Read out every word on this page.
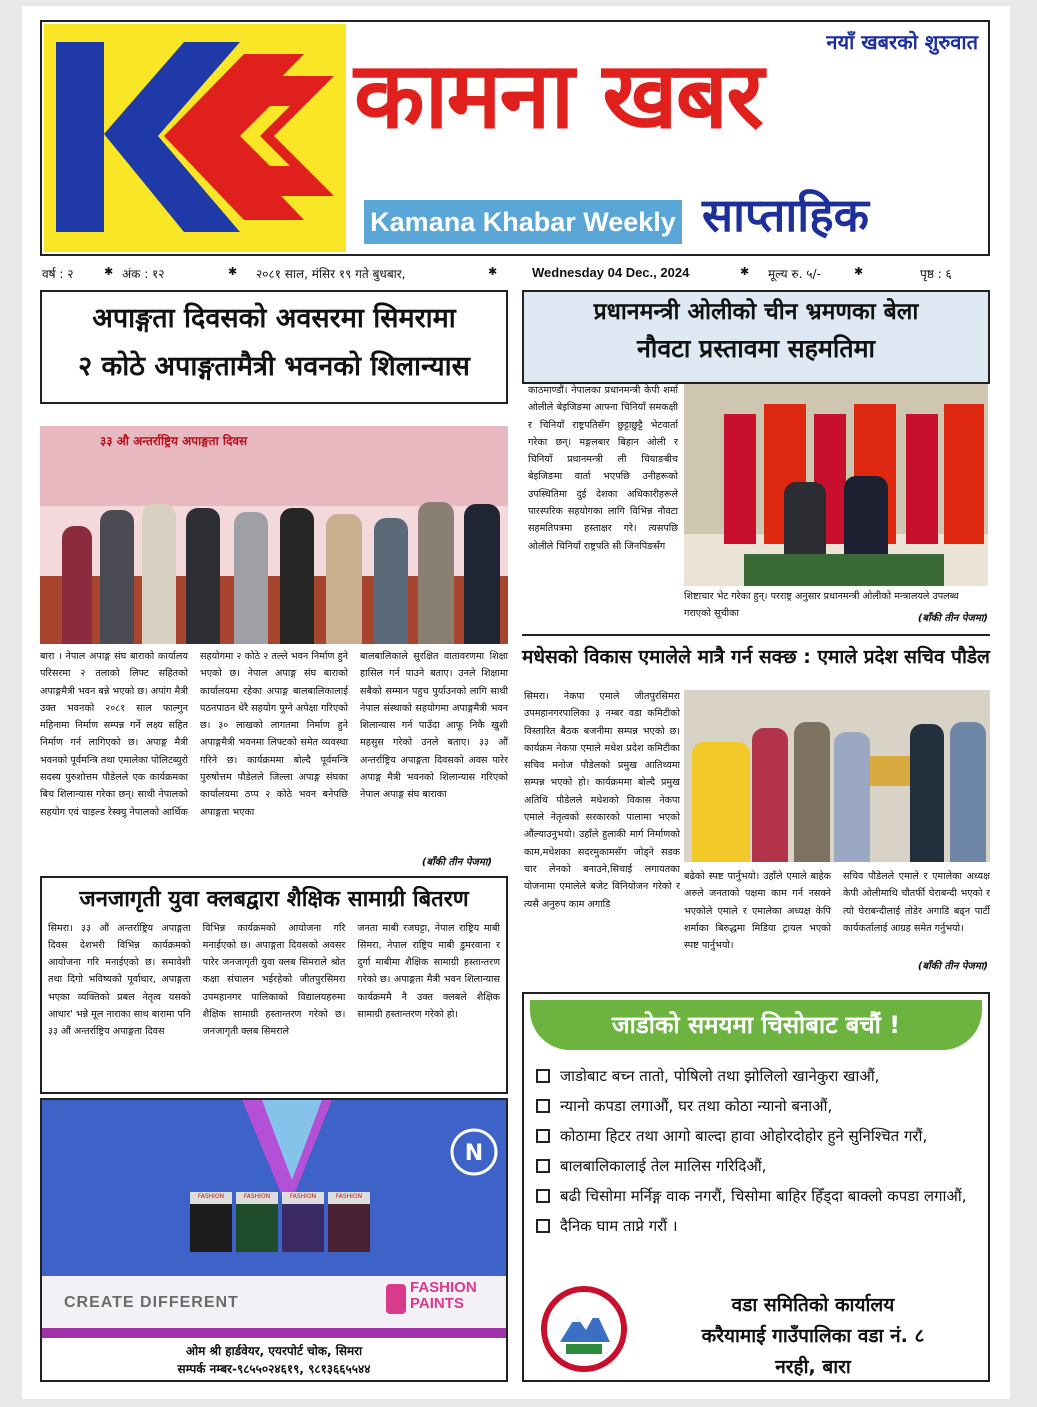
नयाँ खबरको शुरुवात
कामना खबर
Kamana Khabar Weekly साप्ताहिक
वर्ष : २	✱ अंक : १२	✱ २०८१ साल, मंसिर १९ गते बुधबार,	✱	Wednesday 04 Dec., 2024	✱ मूल्य रु. ५/-	✱	पृष्ठ : ६
अपाङ्गता दिवसको अवसरमा सिमरामा
२ कोठे अपाङ्गतामैत्री भवनको शिलान्यास
३३ औ अन्तर्राष्ट्रिय अपाङ्गता दिवस

बारा । नेपाल अपाङ्ग संघ बाराको कार्यालय परिसरमा २ तलाको लिफ्ट सहितको अपाङ्गमैत्री भवन बन्ने भएको छ। अपांग मैत्री उक्त भवनको २०८१ साल फाल्गुन महिनामा निर्माण सम्पन्न गर्ने लक्ष्य सहित निर्माण गर्न लागिएको छ। अपाङ्ग मैत्री भवनको पूर्वमन्त्रि तथा एमालेका पोलिटब्युरो सदस्य पुरुशोत्तम पौडेलले एक कार्यक्रमका बिच शिलान्यास गरेका छन्। साथी नेपालको सहयोग एवं चाइल्ड रेस्क्यु नेपालको आर्थिक

सहयोगमा २ कोठे २ तल्ले भवन निर्माण हुने भएको छ। नेपाल अपाङ्ग संघ बाराको कार्यालयमा रहेका अपाङ्ग बालबालिकालाई पठनपाठन धेरै सहयोग पुग्ने अपेक्षा गरिएको छ। ३० लाखको लागतमा निर्माण हुने अपाङ्गमैत्री भवनमा लिफ्टको समेत व्यवस्था गरिने छ। कार्यक्रममा बोल्दै पूर्वमन्त्रि पुरुषोत्तम पौडेलले जिल्ला अपाङ्ग संघका कार्यालयमा ठप्प २ कोठे भवन बनेपछि अपाङ्गता भएका

बालबालिकाले सुरक्षित वातावरणमा शिक्षा हासिल गर्न पाउने बताए। उनले शिक्षामा सबैको सम्मान पहुच पुर्याउनको लागि साथी नेपाल संस्थाको सहयोगमा अपाङ्गमैत्री भवन शिलान्यास गर्न पाउँदा आफू निकै खुशी महसुस गरेको उनले बताए। ३३ औं अन्तर्राष्ट्रिय अपाङ्गता दिवसको अवस पारेर अपाङ्ग मैत्री भवनको शिलान्यास गरिएको नेपाल अपाङ्ग संघ बाराका

(बाँकी तीन पेजमा)
प्रधानमन्त्री ओलीको चीन भ्रमणका बेला
नौवटा प्रस्तावमा सहमतिमा

काठमाण्डौं। नेपालका प्रधानमन्त्री केपी शर्मा ओलीले बेइजिङमा आफ्ना चिनियाँ समकक्षी र चिनियाँ राष्ट्रपतिसँग छुट्टाछुट्टै भेटवार्ता गरेका छन्। मङ्गलबार बिहान ओली र चिनियाँ प्रधानमन्त्री ली चियाङबीच बेइजिङमा वार्ता भएपछि उनीहरूको उपस्थितिमा दुई देशका अधिकारीहरूले पारस्परिक सहयोगका लागि विभिन्न नौवटा सहमतिपत्रमा हस्ताक्षर गरे। त्यसपछि ओलीले चिनियाँ राष्ट्रपति सी जिनपिङसँग

शिष्टाचार भेट गरेका हुन्। परराष्ट्र अनुसार प्रधानमन्त्री ओलीको मन्त्रालयले उपलब्ध गराएको सूचीका	(बाँकी तीन पेजमा)
मधेसको विकास एमालेले मात्रै गर्न सक्छ : एमाले प्रदेश सचिव पौडेल

सिमरा। नेकपा एमाले जीतपुरसिमरा उपमहानगरपालिका ३ नम्बर वडा कमिटीको विस्तारित बैठक बजनीमा सम्पन्न भएको छ। कार्यक्रम नेकपा एमाले मधेश प्रदेश कमिटीका सचिव मनोज पौडेलको प्रमुख आतिथ्यमा सम्पन्न भएको हो। कार्यक्रममा बोल्दै प्रमुख अतिथि पौडेलले मधेशको विकास नेकपा एमाले नेतृत्वको सरकारको पालामा भएको औंल्याउनुभयो। उहाँले हुलाकी मार्ग निर्माणको काम,मधेशका सदरमुकामसँग जोड्ने सडक चार लेनको बनाउने,सिचाई लगायतका योजनामा एमालेले बजेट विनियोजन गरेको र त्यसै अनुरुप काम अगाडि

बढेको स्पष्ट पार्नुभयो। उहाँले एमाले बाहेक अरुले जनताको पक्षमा काम गर्न नसक्ने भएकोले एमाले र एमालेका अध्यक्ष केपि शर्माका बिरुद्धमा मिडिया ट्रायल भएको स्पष्ट पार्नुभयो।

सचिव पौडेलले एमाले र एमालेका अध्यक्ष केपी ओलीमाथि चौतर्फी घेराबन्दी भएको र त्यो घेराबन्दीलाई तोडेर अगाडि बढ्न पार्टी कार्यकर्तालाई आग्रह समेत गर्नुभयो।

(बाँकी तीन पेजमा)
जनजागृती युवा क्लबद्वारा शैक्षिक सामाग्री बितरण

सिमरा। ३३ औं अन्तर्राष्ट्रिय अपाङ्गता दिवस देशभरी विभिन्न कार्यक्रमको आयोजना गरि मनाईएको छ। समावेशी तथा दिगो भविष्यको पूर्वाधार, अपाङ्गता भएका व्यक्तिको प्रबल नेतृत्व यसको आधार' भन्ने मूल नाराका साथ बारामा पनि ३३ औं अन्तर्राष्ट्रिय अपाङ्गता दिवस

विभिन्न कार्यक्रमको आयोजना गरि मनाईएको छ। अपाङ्गता दिवसको अवसर पारेर जनजागृती युवा क्लब सिमराले श्रोत कक्षा संचालन भईरहेको जीतपुरसिमरा उपमहानगर पालिकाको विद्यालयहरुमा शैक्षिक सामाग्री हस्तान्तरण गरेको छ। जनजागृती क्लब सिमराले

जनता माबी रजघट्टा, नेपाल राष्ट्रिय माबी सिमरा, नेपाल राष्ट्रिय माबी डुमरवाना र दुर्गा माबीमा शैक्षिक सामाग्री हस्तान्तरण गरेको छ। अपाङ्गता मैत्री भवन शिलान्यास कार्यक्रममै नै उक्त क्लबले शैक्षिक सामाग्री हस्तान्तरण गरेको हो।

N
FASHION	FASHION	FASHION	FASHION
CREATE DIFFERENT
FASHION
PAINTS
ओम श्री हार्डवेयर, एयरपोर्ट चोक, सिमरा
सम्पर्क नम्बर-९८५५०२४६१९, ९८१३६६५५४४
जाडोको समयमा चिसोबाट बचौं !
जाडोबाट बच्न तातो, पोषिलो तथा झोलिलो खानेकुरा खाऔं,
न्यानो कपडा लगाऔं, घर तथा कोठा न्यानो बनाऔं,
कोठामा हिटर तथा आगो बाल्दा हावा ओहोरदोहोर हुने सुनिश्चित गरौं,
बालबालिकालाई तेल मालिस गरिदिऔं,
बढी चिसोमा मर्निङ्ग वाक नगरौं, चिसोमा बाहिर हिँड्दा बाक्लो कपडा लगाऔं,
दैनिक घाम ताप्ने गरौं ।
वडा समितिको कार्यालय
करैयामाई गाउँपालिका वडा नं. ८
नरही, बारा
